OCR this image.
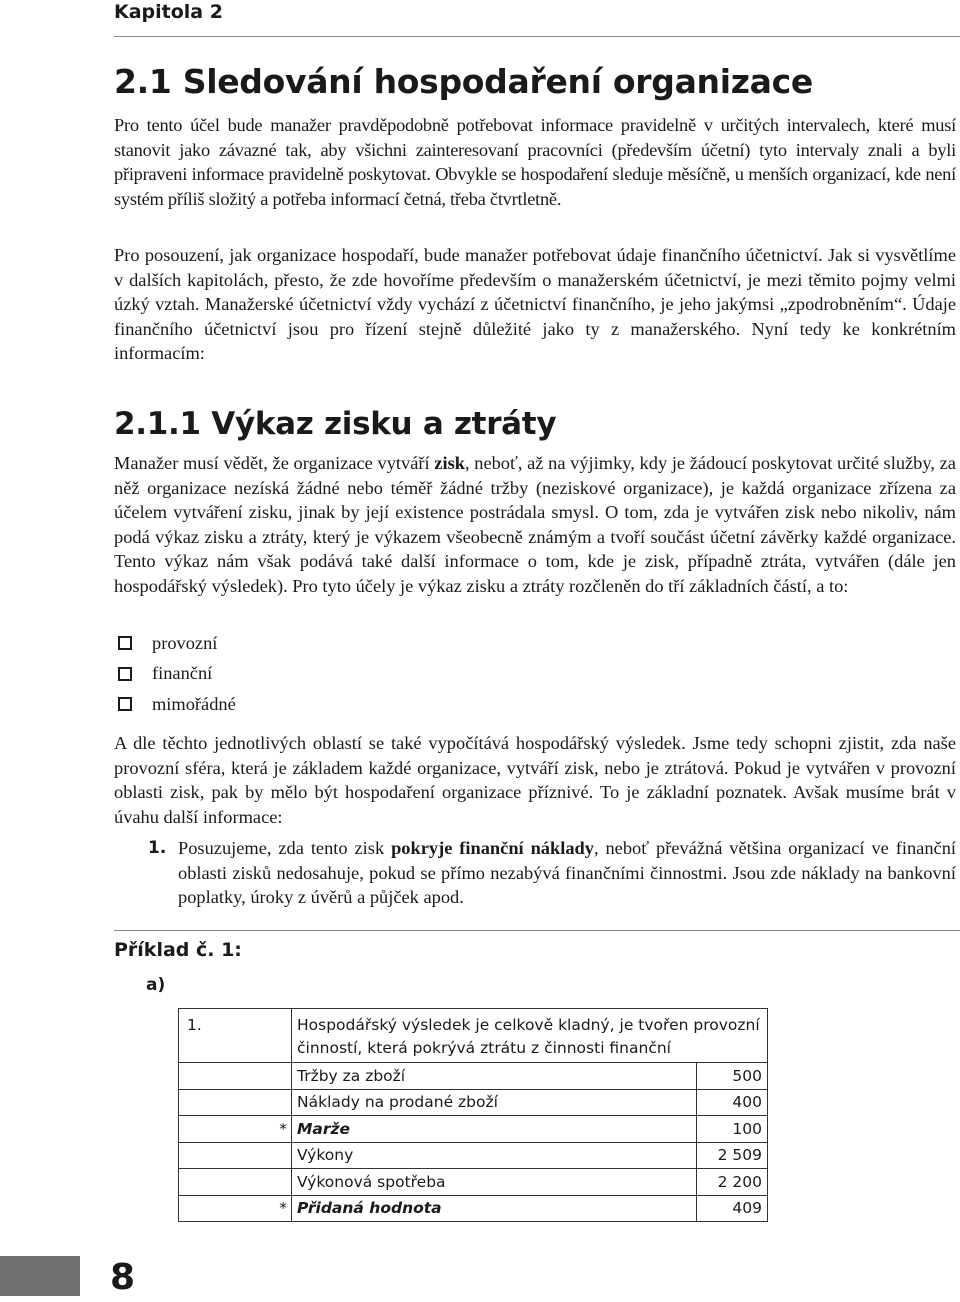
Kapitola 2
2.1 Sledování hospodaření organizace

Pro tento účel bude manažer pravděpodobně potřebovat informace pravidelně v určitých intervalech, které musí stanovit jako závazné tak, aby všichni zainteresovaní pracovníci (především účetní) tyto intervaly znali a byli připraveni informace pravidelně poskytovat. Obvykle se hospodaření sleduje měsíčně, u menších organizací, kde není systém příliš složitý a potřeba informací četná, třeba čtvrtletně.

Pro posouzení, jak organizace hospodaří, bude manažer potřebovat údaje finančního účetnictví. Jak si vysvětlíme v dalších kapitolách, přesto, že zde hovoříme především o manažerském účetnictví, je mezi těmito pojmy velmi úzký vztah. Manažerské účetnictví vždy vychází z účetnictví finančního, je jeho jakýmsi „zpodrobněním“. Údaje finančního účetnictví jsou pro řízení stejně důležité jako ty z manažerského. Nyní tedy ke konkrétním informacím:

2.1.1 Výkaz zisku a ztráty

Manažer musí vědět, že organizace vytváří zisk, neboť, až na výjimky, kdy je žádoucí poskytovat určité služby, za něž organizace nezíská žádné nebo téměř žádné tržby (neziskové organizace), je každá organizace zřízena za účelem vytváření zisku, jinak by její existence postrádala smysl. O tom, zda je vytvářen zisk nebo nikoliv, nám podá výkaz zisku a ztráty, který je výkazem všeobecně známým a tvoří součást účetní závěrky každé organizace. Tento výkaz nám však podává také další informace o tom, kde je zisk, případně ztráta, vytvářen (dále jen hospodářský výsledek). Pro tyto účely je výkaz zisku a ztráty rozčleněn do tří základních částí, a to:

provozní
finanční
mimořádné

A dle těchto jednotlivých oblastí se také vypočítává hospodářský výsledek. Jsme tedy schopni zjistit, zda naše provozní sféra, která je základem každé organizace, vytváří zisk, nebo je ztrátová. Pokud je vytvářen v provozní oblasti zisk, pak by mělo být hospodaření organizace příznivé. To je základní poznatek. Avšak musíme brát v úvahu další informace:

1. Posuzujeme, zda tento zisk pokryje finanční náklady, neboť převážná většina organizací ve finanční oblasti zisků nedosahuje, pokud se přímo nezabývá finančními činnostmi. Jsou zde náklady na bankovní poplatky, úroky z úvěrů a půjček apod.
Příklad č. 1:
a)
1.	Hospodářský výsledek je celkově kladný, je tvořen provozní činností, která pokrývá ztrátu z činnosti finanční	
	Tržby za zboží	500
	Náklady na prodané zboží	400
*	Marže	100
	Výkony	2 509
	Výkonová spotřeba	2 200
*	Přidaná hodnota	409
8
